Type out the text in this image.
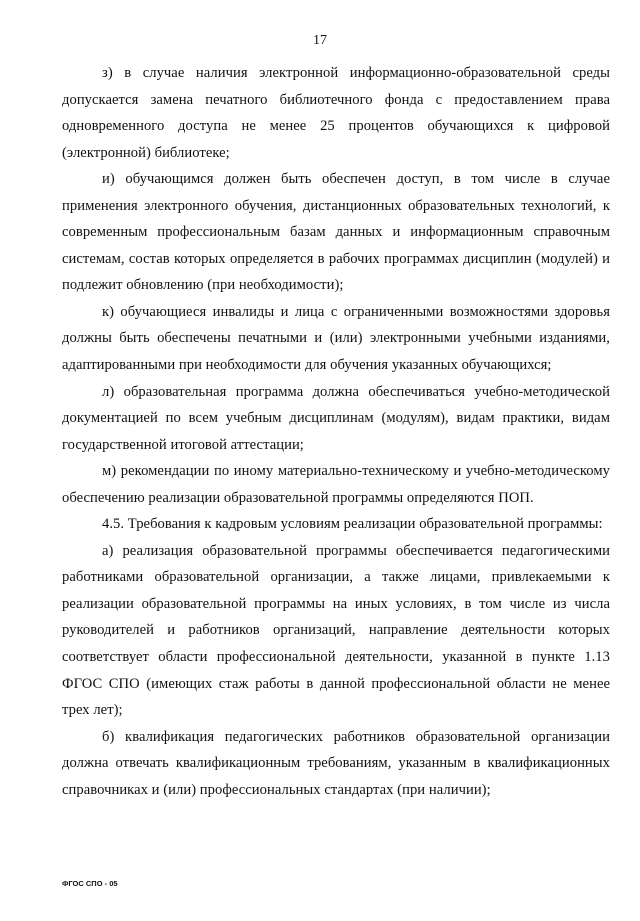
17

з) в случае наличия электронной информационно-образовательной среды допускается замена печатного библиотечного фонда с предоставлением права одновременного доступа не менее 25 процентов обучающихся к цифровой (электронной) библиотеке;

и) обучающимся должен быть обеспечен доступ, в том числе в случае применения электронного обучения, дистанционных образовательных технологий, к современным профессиональным базам данных и информационным справочным системам, состав которых определяется в рабочих программах дисциплин (модулей) и подлежит обновлению (при необходимости);

к) обучающиеся инвалиды и лица с ограниченными возможностями здоровья должны быть обеспечены печатными и (или) электронными учебными изданиями, адаптированными при необходимости для обучения указанных обучающихся;

л) образовательная программа должна обеспечиваться учебно-методической документацией по всем учебным дисциплинам (модулям), видам практики, видам государственной итоговой аттестации;

м) рекомендации по иному материально-техническому и учебно-методическому обеспечению реализации образовательной программы определяются ПОП.

4.5. Требования к кадровым условиям реализации образовательной программы:

а) реализация образовательной программы обеспечивается педагогическими работниками образовательной организации, а также лицами, привлекаемыми к реализации образовательной программы на иных условиях, в том числе из числа руководителей и работников организаций, направление деятельности которых соответствует области профессиональной деятельности, указанной в пункте 1.13 ФГОС СПО (имеющих стаж работы в данной профессиональной области не менее трех лет);

б) квалификация педагогических работников образовательной организации должна отвечать квалификационным требованиям, указанным в квалификационных справочниках и (или) профессиональных стандартах (при наличии);

ФГОС СПО - 05
